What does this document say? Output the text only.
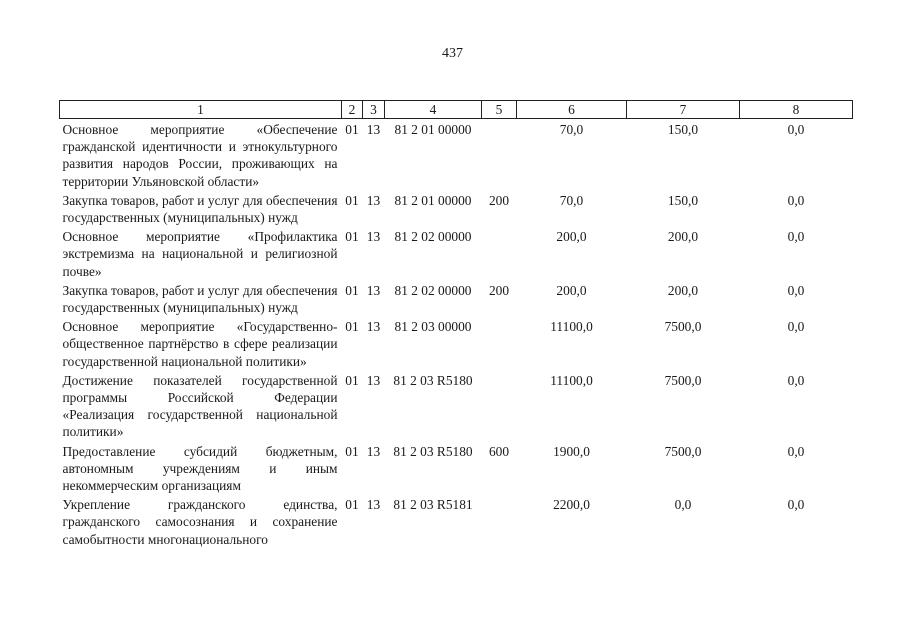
437
1	2	3	4	5	6	7	8
Основное мероприятие «Обеспечение гражданской идентичности и этнокультурного развития народов России, проживающих на территории Ульяновской области»	01	13	81 2 01 00000		70,0	150,0	0,0
Закупка товаров, работ и услуг для обеспечения государственных (муниципальных) нужд	01	13	81 2 01 00000	200	70,0	150,0	0,0
Основное мероприятие «Профилактика экстремизма на национальной и религиозной почве»	01	13	81 2 02 00000		200,0	200,0	0,0
Закупка товаров, работ и услуг для обеспечения государственных (муниципальных) нужд	01	13	81 2 02 00000	200	200,0	200,0	0,0
Основное мероприятие «Государственно-общественное партнёрство в сфере реализации государственной национальной политики»	01	13	81 2 03 00000		11100,0	7500,0	0,0
Достижение показателей государственной программы Российской Федерации «Реализация государственной национальной политики»	01	13	81 2 03 R5180		11100,0	7500,0	0,0
Предоставление субсидий бюджетным, автономным учреждениям и иным некоммерческим организациям	01	13	81 2 03 R5180	600	1900,0	7500,0	0,0
Укрепление гражданского единства, гражданского самосознания и сохранение самобытности многонационального	01	13	81 2 03 R5181		2200,0	0,0	0,0
